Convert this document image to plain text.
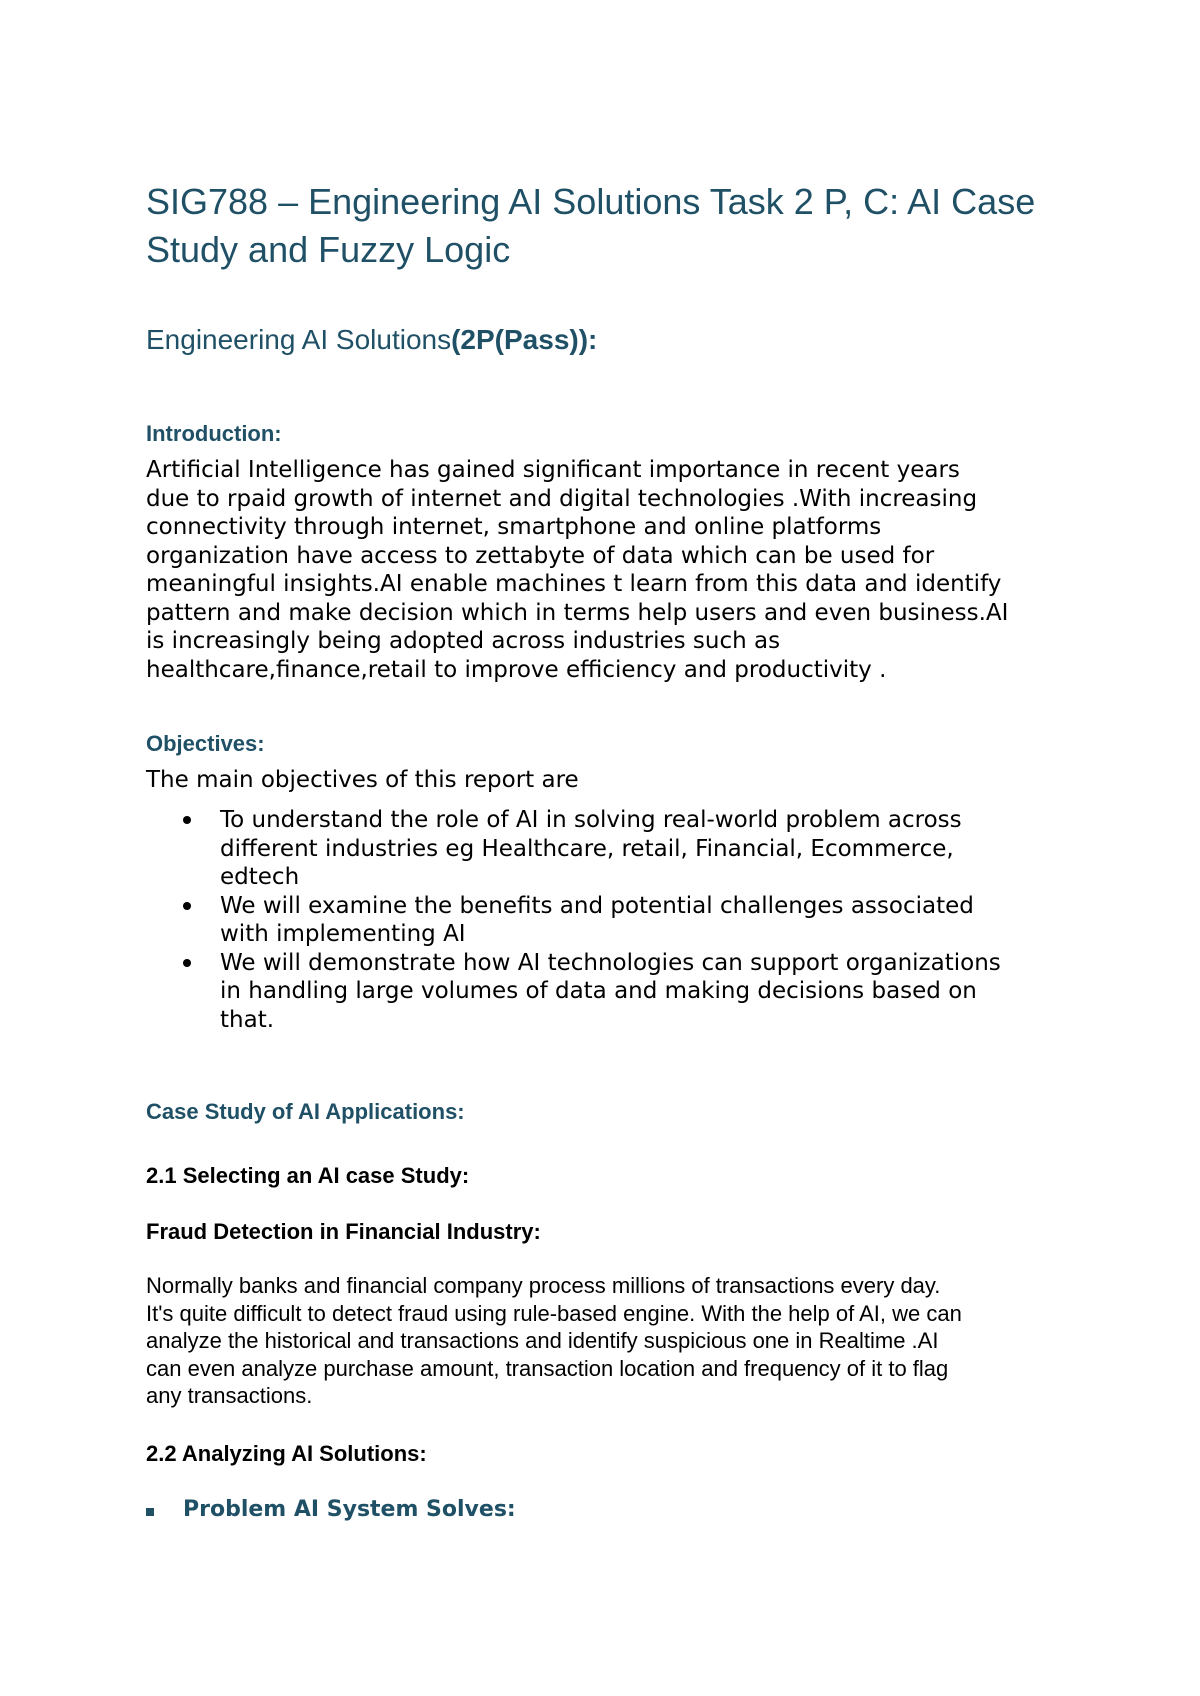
SIG788 – Engineering AI Solutions Task 2 P, C: AI Case Study and Fuzzy Logic
Engineering AI Solutions(2P(Pass)):
Introduction:
Artificial Intelligence has gained significant importance in recent years
due to rpaid growth of internet and digital technologies .With increasing
connectivity through internet, smartphone and online platforms
organization have access to zettabyte of data which can be used for
meaningful insights.AI enable machines t learn from this data and identify
pattern and make decision which in terms help users and even business.AI
is increasingly being adopted across industries such as
healthcare,finance,retail to improve efficiency and productivity .
Objectives:
The main objectives of this report are
To understand the role of AI in solving real-world problem across
different industries eg Healthcare, retail, Financial, Ecommerce,
edtech
We will examine the benefits and potential challenges associated
with implementing AI
We will demonstrate how AI technologies can support organizations
in handling large volumes of data and making decisions based on
that.
Case Study of AI Applications:
2.1 Selecting an AI case Study:
Fraud Detection in Financial Industry:
Normally banks and financial company process millions of transactions every day.
It's quite difficult to detect fraud using rule-based engine. With the help of AI, we can
analyze the historical and transactions and identify suspicious one in Realtime .AI
can even analyze purchase amount, transaction location and frequency of it to flag
any transactions.
2.2 Analyzing AI Solutions:
Problem AI System Solves:
